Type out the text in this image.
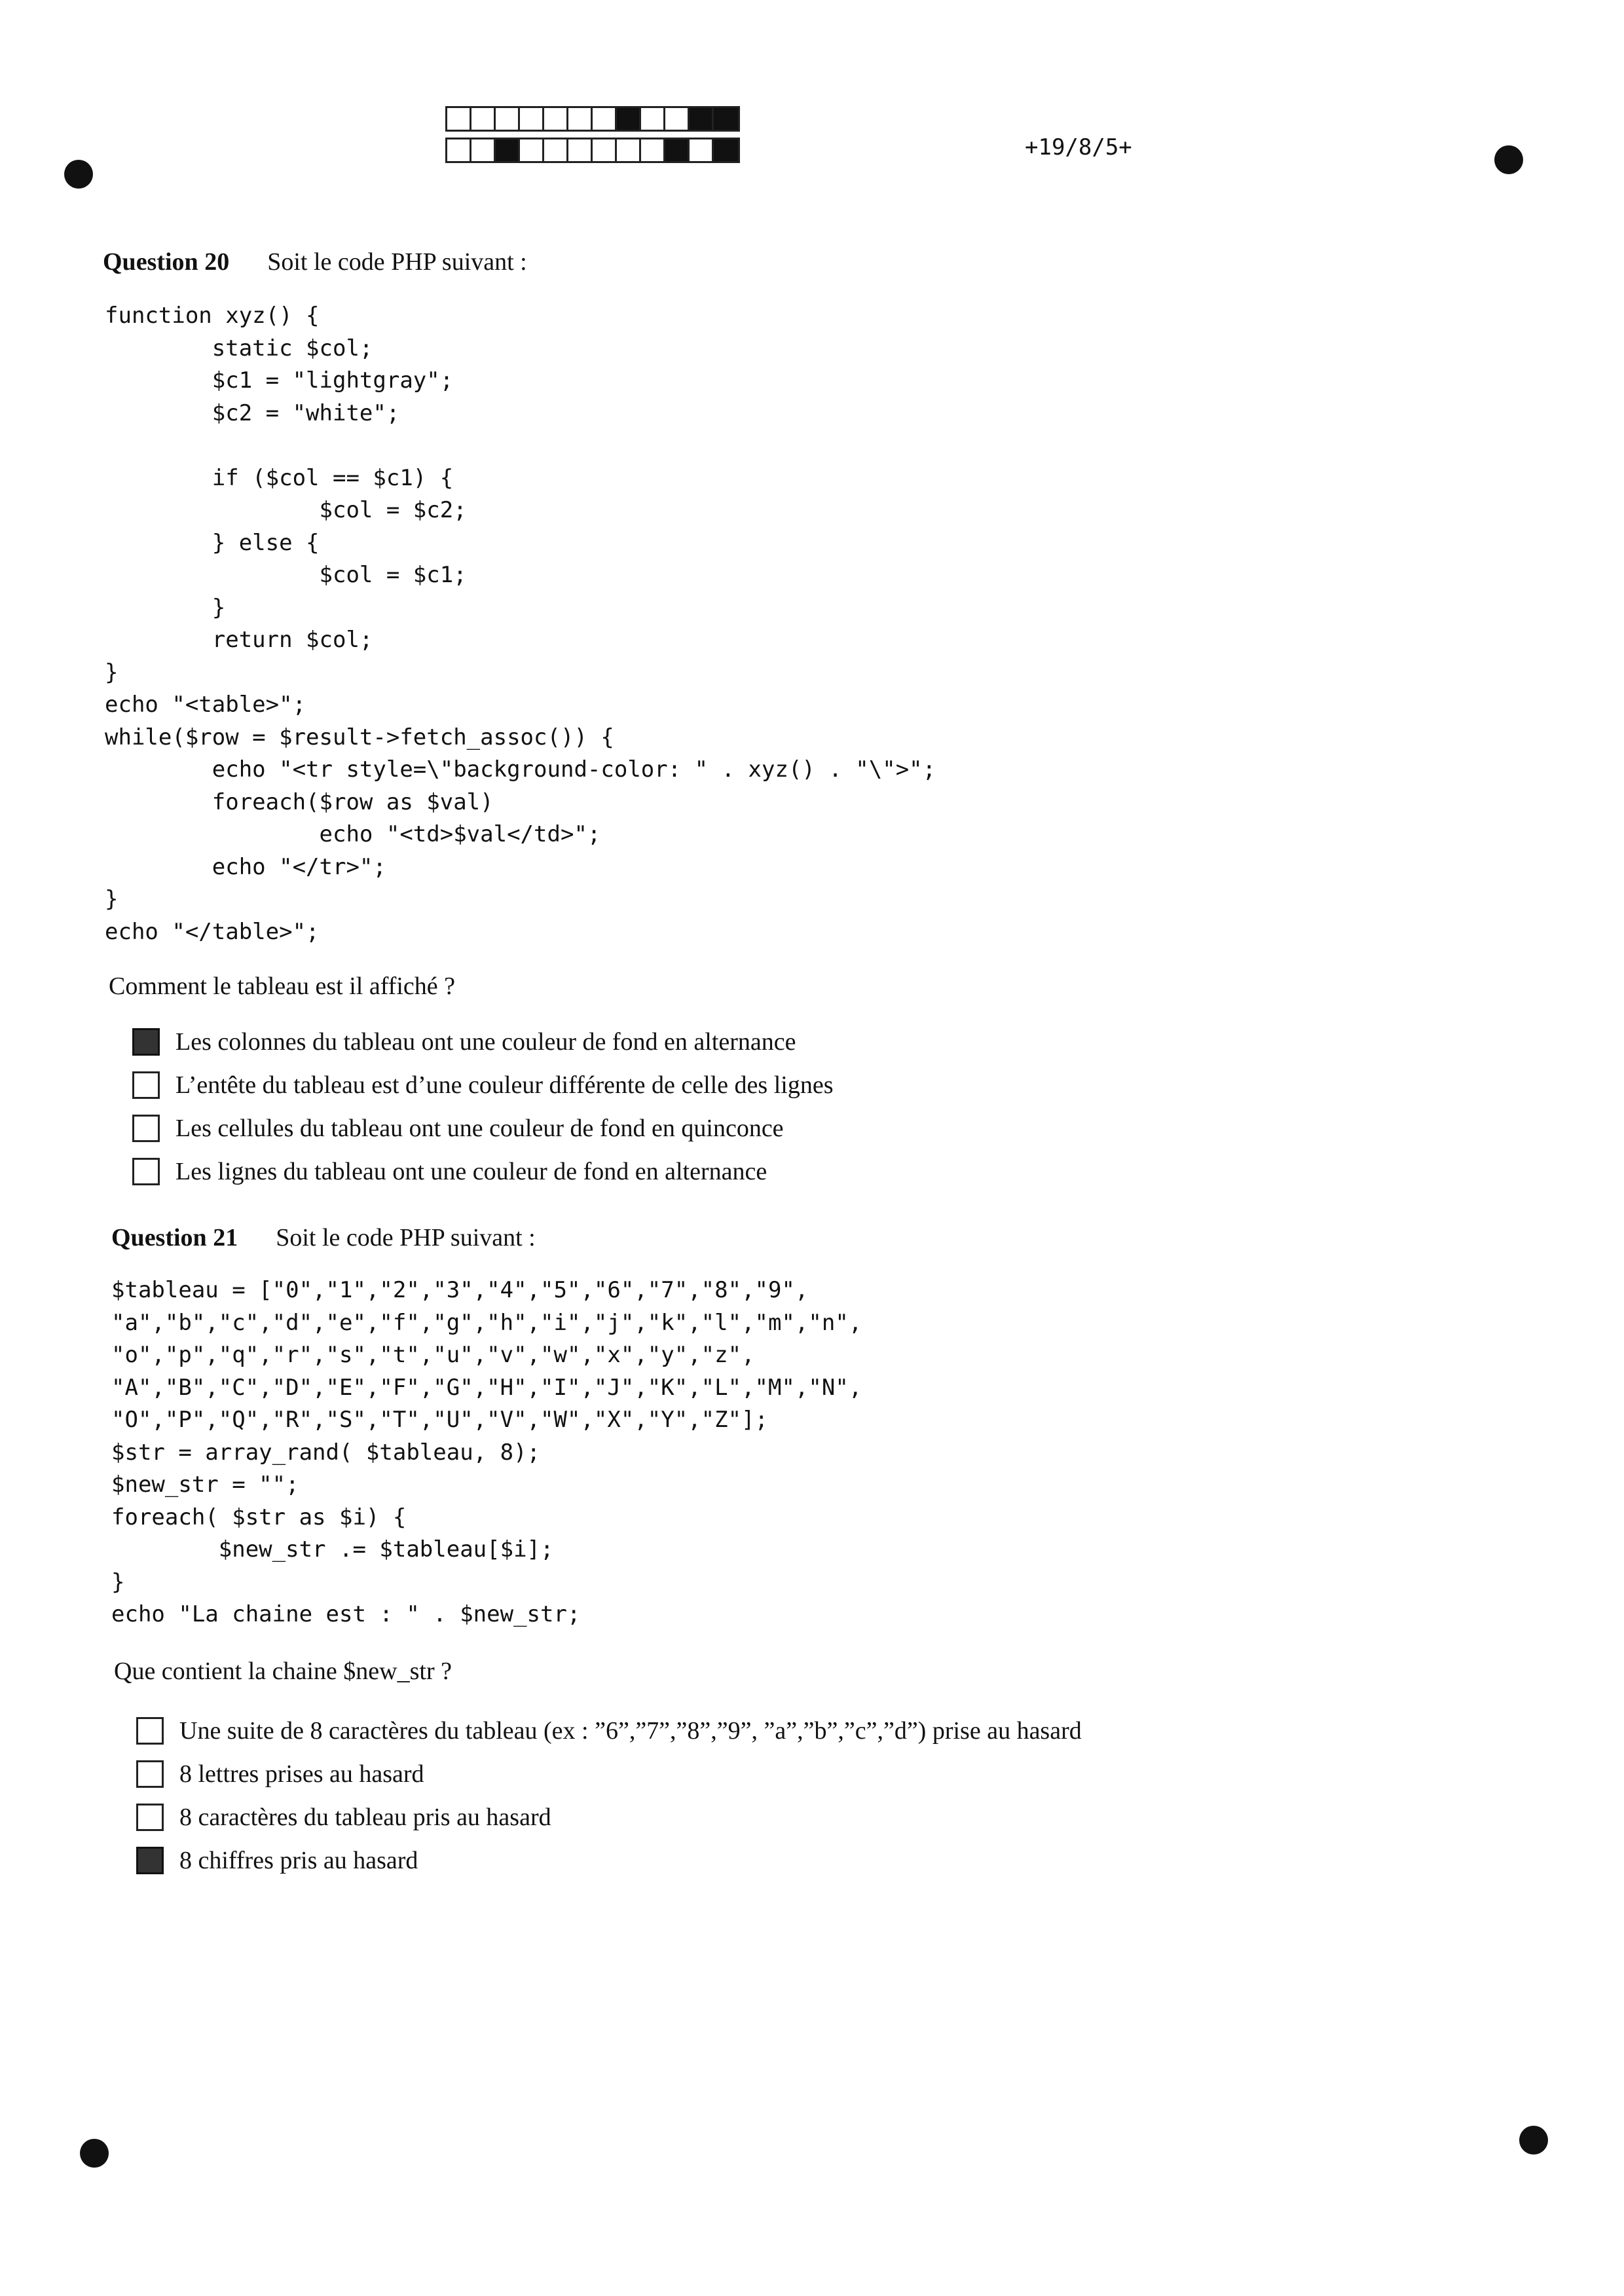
+19/8/5+
Question 20 Soit le code PHP suivant :
function xyz() {
static $col;
$c1 = "lightgray";
$c2 = "white";

if ($col == $c1) {
$col = $c2;
} else {
$col = $c1;
}
return $col;
}
echo "<table>";
while($row = $result->fetch_assoc()) {
echo "<tr style=\"background-color: " . xyz() . "\">";
foreach($row as $val)
echo "<td>$val</td>";
echo "</tr>";
}
echo "</table>";
Comment le tableau est il affiché ?
Les colonnes du tableau ont une couleur de fond en alternance
L’entête du tableau est d’une couleur différente de celle des lignes
Les cellules du tableau ont une couleur de fond en quinconce
Les lignes du tableau ont une couleur de fond en alternance
Question 21 Soit le code PHP suivant :
$tableau = ["0","1","2","3","4","5","6","7","8","9",
"a","b","c","d","e","f","g","h","i","j","k","l","m","n",
"o","p","q","r","s","t","u","v","w","x","y","z",
"A","B","C","D","E","F","G","H","I","J","K","L","M","N",
"O","P","Q","R","S","T","U","V","W","X","Y","Z"];
$str = array_rand( $tableau, 8);
$new_str = "";
foreach( $str as $i) {
$new_str .= $tableau[$i];
}
echo "La chaine est : " . $new_str;
Que contient la chaine $new_str ?
Une suite de 8 caractères du tableau (ex : ”6”,”7”,”8”,”9”, ”a”,”b”,”c”,”d”) prise au hasard
8 lettres prises au hasard
8 caractères du tableau pris au hasard
8 chiffres pris au hasard
